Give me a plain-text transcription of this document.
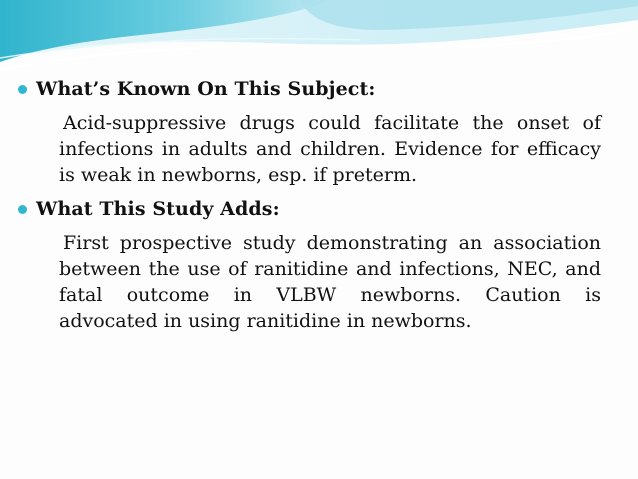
What’s Known On This Subject:
Acid-suppressive drugs could facilitate the onset of
infections in adults and children. Evidence for efficacy
is weak in newborns, esp. if preterm.
What This Study Adds:
First prospective study demonstrating an association
between the use of ranitidine and infections, NEC, and
fatal outcome in VLBW newborns. Caution is
advocated in using ranitidine in newborns.
